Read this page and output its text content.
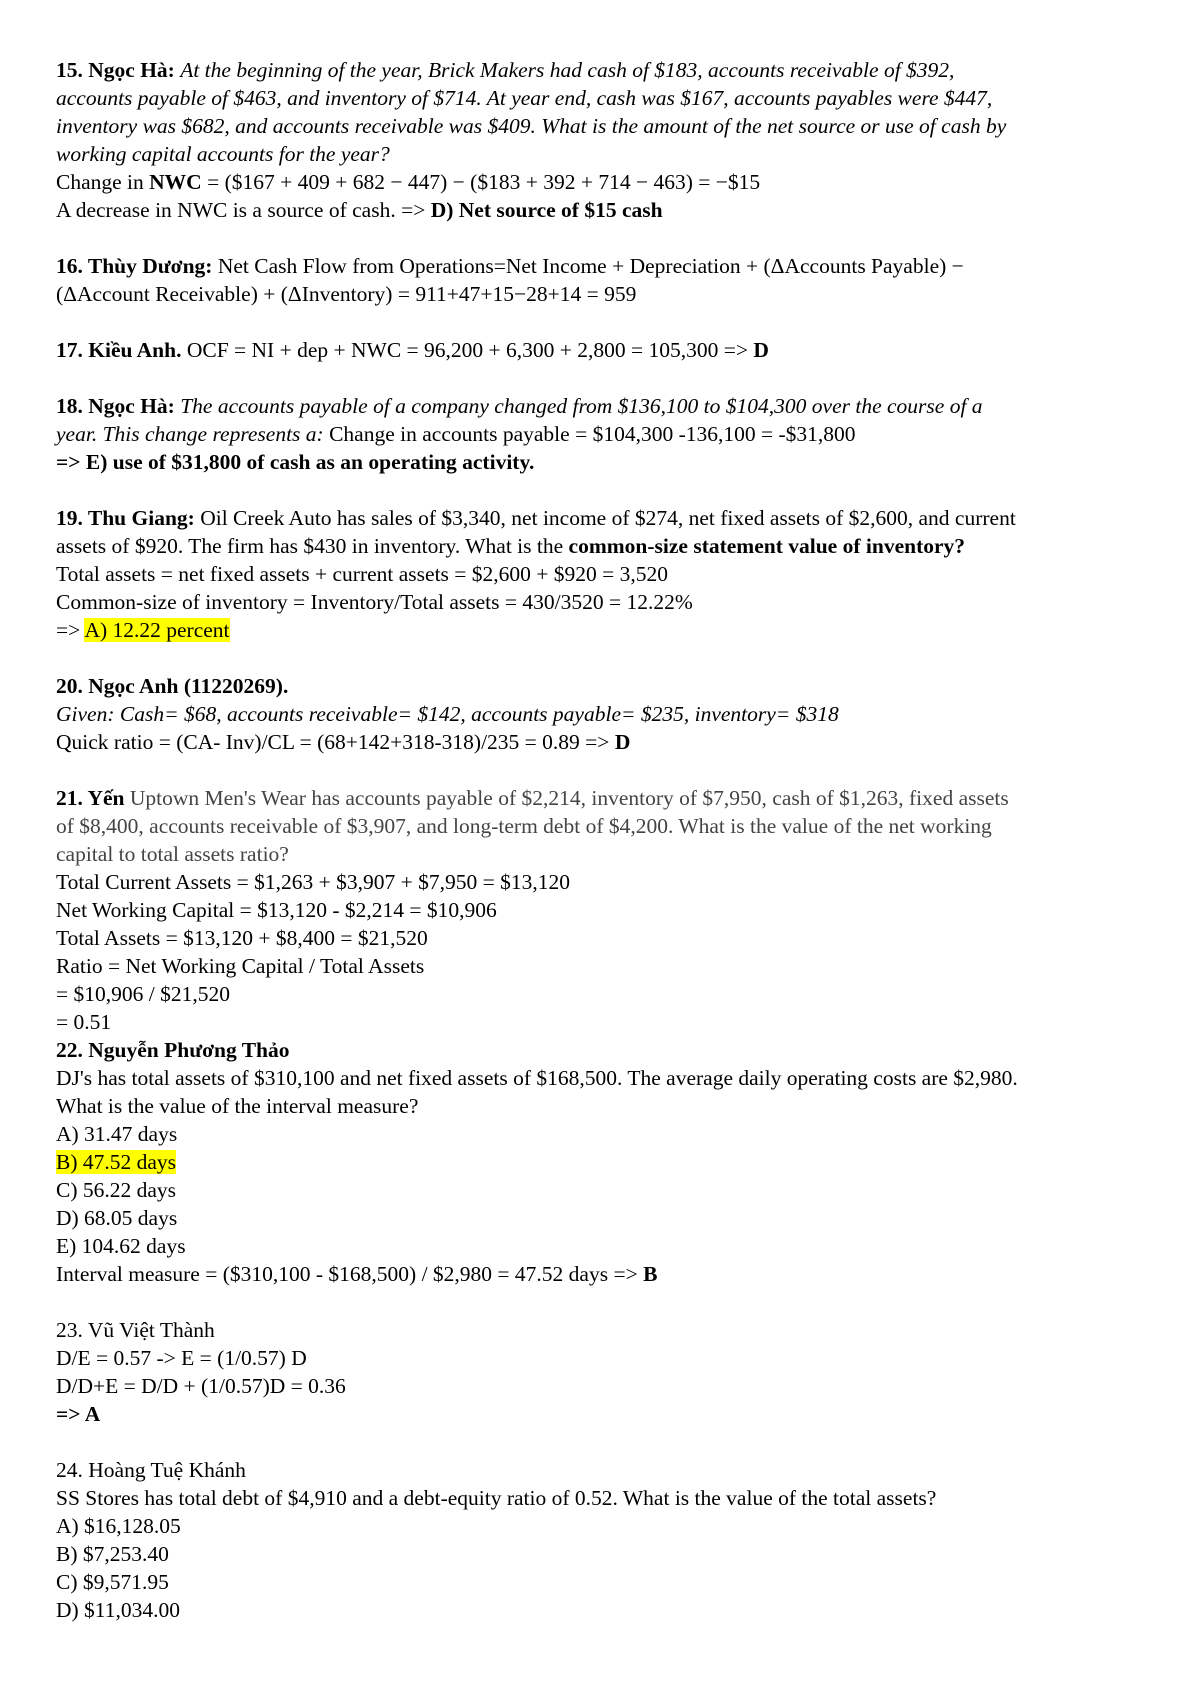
15. Ngọc Hà: At the beginning of the year, Brick Makers had cash of $183, accounts receivable of $392,
accounts payable of $463, and inventory of $714. At year end, cash was $167, accounts payables were $447,
inventory was $682, and accounts receivable was $409. What is the amount of the net source or use of cash by
working capital accounts for the year?
Change in NWC = ($167 + 409 + 682 − 447) − ($183 + 392 + 714 − 463) = −$15
A decrease in NWC is a source of cash. => D) Net source of $15 cash
16. Thùy Dương: Net Cash Flow from Operations=Net Income + Depreciation + (ΔAccounts Payable) −
(ΔAccount Receivable) + (ΔInventory) = 911+47+15−28+14 = 959
17. Kiều Anh. OCF = NI + dep + NWC = 96,200 + 6,300 + 2,800 = 105,300 => D
18. Ngọc Hà: The accounts payable of a company changed from $136,100 to $104,300 over the course of a
year. This change represents a: Change in accounts payable = $104,300 -136,100 = -$31,800
=> E) use of $31,800 of cash as an operating activity.
19. Thu Giang: Oil Creek Auto has sales of $3,340, net income of $274, net fixed assets of $2,600, and current
assets of $920. The firm has $430 in inventory. What is the common-size statement value of inventory?
Total assets = net fixed assets + current assets = $2,600 + $920 = 3,520
Common-size of inventory = Inventory/Total assets = 430/3520 = 12.22%
=> A) 12.22 percent
20. Ngọc Anh (11220269).
Given: Cash= $68, accounts receivable= $142, accounts payable= $235, inventory= $318
Quick ratio = (CA- Inv)/CL = (68+142+318-318)/235 = 0.89 => D
21. Yến Uptown Men's Wear has accounts payable of $2,214, inventory of $7,950, cash of $1,263, fixed assets
of $8,400, accounts receivable of $3,907, and long-term debt of $4,200. What is the value of the net working
capital to total assets ratio?
Total Current Assets = $1,263 + $3,907 + $7,950 = $13,120
Net Working Capital = $13,120 - $2,214 = $10,906
Total Assets = $13,120 + $8,400 = $21,520
Ratio = Net Working Capital / Total Assets
= $10,906 / $21,520
= 0.51
22. Nguyễn Phương Thảo
DJ's has total assets of $310,100 and net fixed assets of $168,500. The average daily operating costs are $2,980.
What is the value of the interval measure?
A) 31.47 days
B) 47.52 days
C) 56.22 days
D) 68.05 days
E) 104.62 days
Interval measure = ($310,100 - $168,500) / $2,980 = 47.52 days => B
23. Vũ Việt Thành
D/E = 0.57 -> E = (1/0.57) D
D/D+E = D/D + (1/0.57)D = 0.36
=> A
24. Hoàng Tuệ Khánh
SS Stores has total debt of $4,910 and a debt-equity ratio of 0.52. What is the value of the total assets?
A) $16,128.05
B) $7,253.40
C) $9,571.95
D) $11,034.00
